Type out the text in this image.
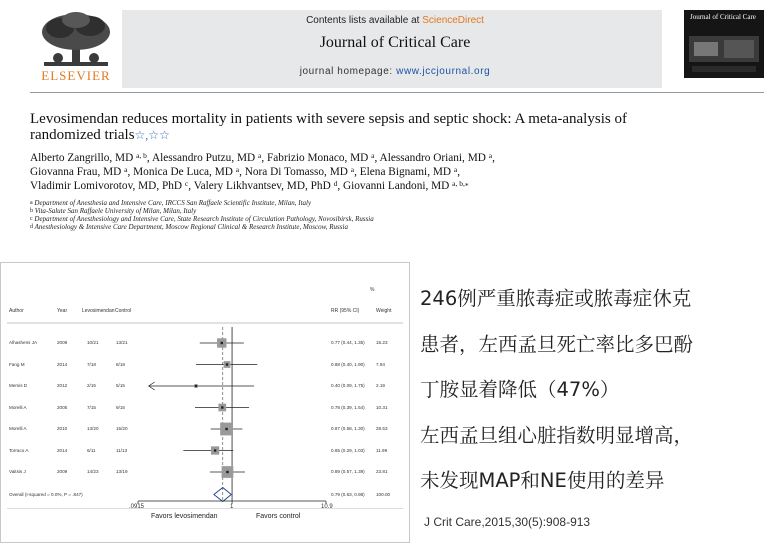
ELSEVIER
Contents lists available at ScienceDirect
Journal of Critical Care
journal homepage: www.jccjournal.org
Journal of Critical Care
Levosimendan reduces mortality in patients with severe sepsis and septic shock: A meta-analysis of randomized trials☆,☆☆
Alberto Zangrillo, MD $^{a, b}$, Alessandro Putzu, MD $^a$, Fabrizio Monaco, MD $^a$, Alessandro Oriani, MD $^a$,
Giovanna Frau, MD $^a$, Monica De Luca, MD $^a$, Nora Di Tomasso, MD $^a$, Elena Bignami, MD $^a$,
Vladimir Lomivorotov, MD, PhD $^c$, Valery Likhvantsev, MD, PhD $^d$, Giovanni Landoni, MD $^{a, b,⁎}$
a Department of Anesthesia and Intensive Care, IRCCS San Raffaele Scientific Institute, Milan, Italy
b Vita-Salute San Raffaele University of Milan, Milan, Italy
c Department of Anesthesiology and Intensive Care, State Research Institute of Circulation Pathology, Novosibirsk, Russia
d Anesthesiology & Intensive Care Department, Moscow Regional Clinical & Research Institute, Moscow, Russia
%
Author	Year	Levosimendan Control	RR (95% CI)	Weight
Alhashemi JA	2009	10/21	13/21	0.77 (0.44, 1.35) 15.23
Fang M	2014	7/18	8/18	0.88 (0.40, 1.90) 7.94
Memis D	2012	2/15	5/15	0.40 (0.09, 1.75) 2.19
Morelli A	2005	7/15	9/15	0.78 (0.39, 1.54) 10.31
Morelli A	2010	13/20	15/20	0.87 (0.58, 1.30) 28.53
Torraco A	2014	6/11	11/13	0.65 (0.29, 1.03) 11.99
Vaitsis J	2009	14/23	13/19	0.89 (0.57, 1.39) 23.81
Overall (I-squared = 0.0%, P = .847)	0.79 (0.63, 0.98) 100.00
.0915	1	10.9
Favors levosimendan	Favors control
246例严重脓毒症或脓毒症休克
患者，左西孟旦死亡率比多巴酚
丁胺显着降低（47%）
左西孟旦组心脏指数明显增高，
未发现MAP和NE使用的差异
J Crit Care,2015,30(5):908-913
